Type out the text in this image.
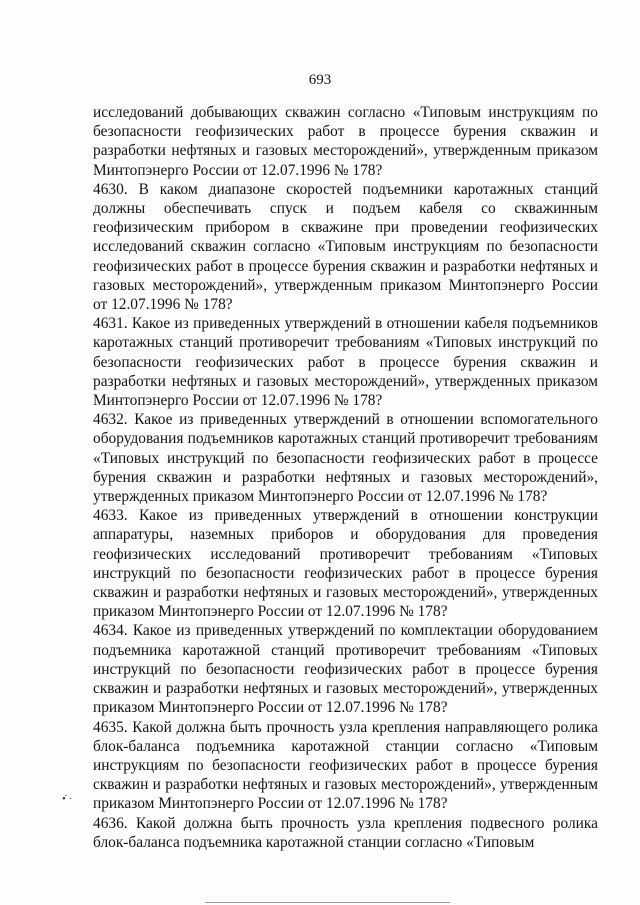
693

исследований добывающих скважин согласно «Типовым инструкциям по безопасности геофизических работ в процессе бурения скважин и разработки нефтяных и газовых месторождений», утвержденным приказом Минтопэнерго России от 12.07.1996 № 178?

4630. В каком диапазоне скоростей подъемники каротажных станций должны обеспечивать спуск и подъем кабеля со скважинным геофизическим прибором в скважине при проведении геофизических исследований скважин согласно «Типовым инструкциям по безопасности геофизических работ в процессе бурения скважин и разработки нефтяных и газовых месторождений», утвержденным приказом Минтопэнерго России от 12.07.1996 № 178?

4631. Какое из приведенных утверждений в отношении кабеля подъемников каротажных станций противоречит требованиям «Типовых инструкций по безопасности геофизических работ в процессе бурения скважин и разработки нефтяных и газовых месторождений», утвержденных приказом Минтопэнерго России от 12.07.1996 № 178?

4632. Какое из приведенных утверждений в отношении вспомогательного оборудования подъемников каротажных станций противоречит требованиям «Типовых инструкций по безопасности геофизических работ в процессе бурения скважин и разработки нефтяных и газовых месторождений», утвержденных приказом Минтопэнерго России от 12.07.1996 № 178?

4633. Какое из приведенных утверждений в отношении конструкции аппаратуры, наземных приборов и оборудования для проведения геофизических исследований противоречит требованиям «Типовых инструкций по безопасности геофизических работ в процессе бурения скважин и разработки нефтяных и газовых месторождений», утвержденных приказом Минтопэнерго России от 12.07.1996 № 178?

4634. Какое из приведенных утверждений по комплектации оборудованием подъемника каротажной станций противоречит требованиям «Типовых инструкций по безопасности геофизических работ в процессе бурения скважин и разработки нефтяных и газовых месторождений», утвержденных приказом Минтопэнерго России от 12.07.1996 № 178?

4635. Какой должна быть прочность узла крепления направляющего ролика блок-баланса подъемника каротажной станции согласно «Типовым инструкциям по безопасности геофизических работ в процессе бурения скважин и разработки нефтяных и газовых месторождений», утвержденным приказом Минтопэнерго России от 12.07.1996 № 178?

4636. Какой должна быть прочность узла крепления подвесного ролика блок-баланса подъемника каротажной станции согласно «Типовым

•̇ ·
